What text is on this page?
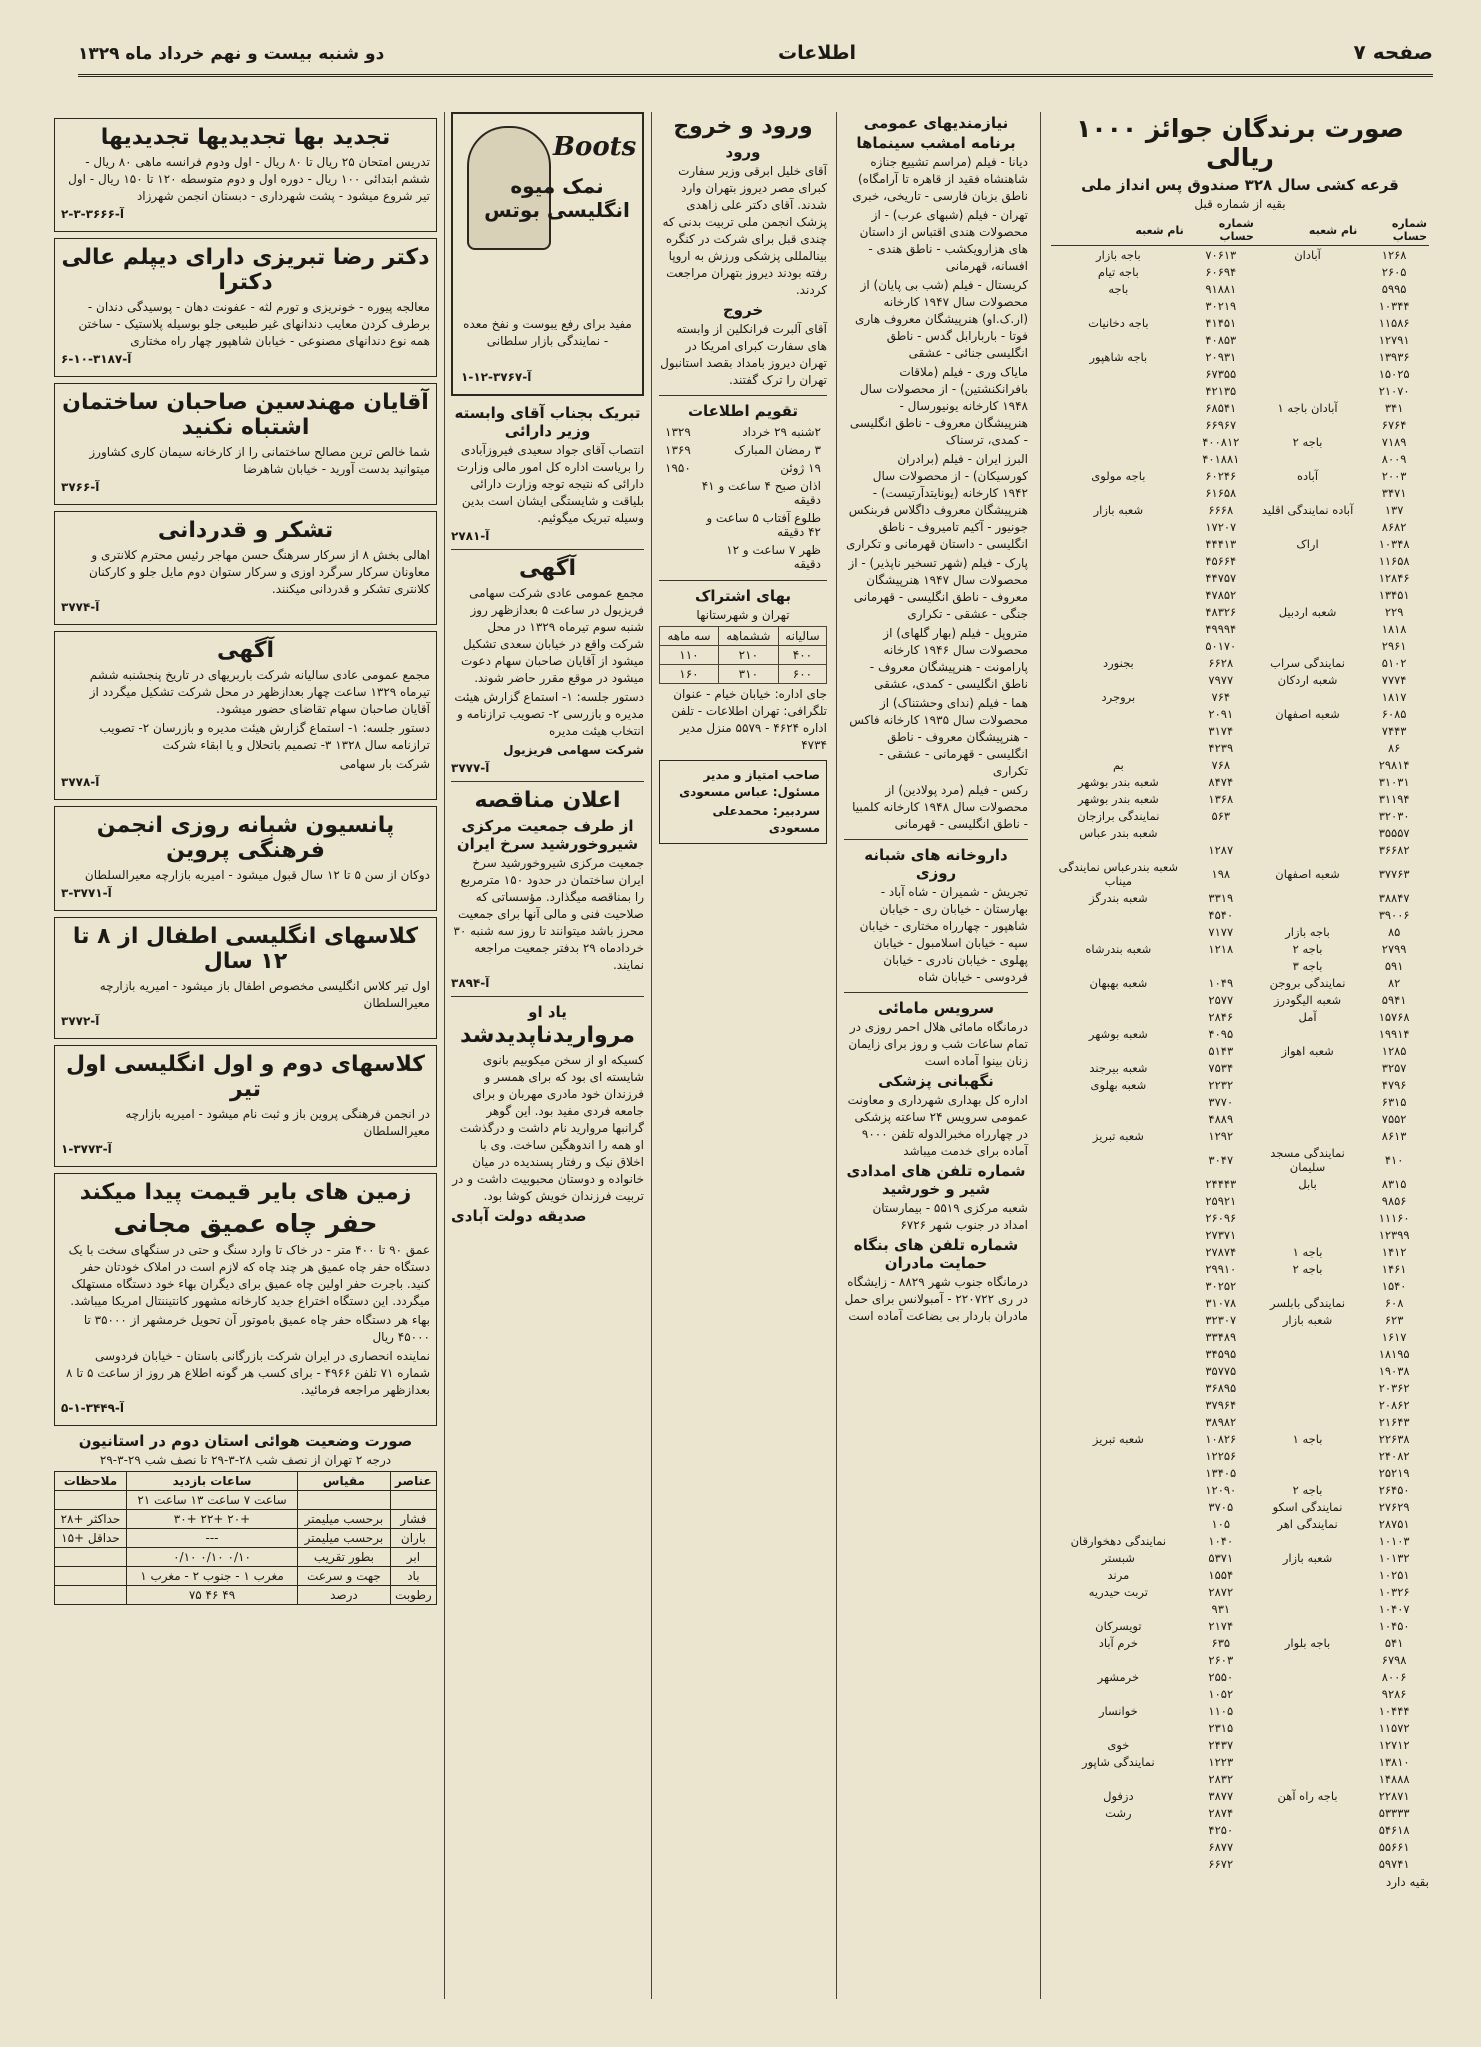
دو شنبه بیست و نهم خرداد ماه ۱۳۲۹	اطلاعات	صفحه ۷
صورت برندگان جوائز ۱۰۰۰ ریالی
قرعه کشی سال ۳۲۸ صندوق پس انداز ملی
بقیه از شماره قبل
شماره حساب	نام شعبه	شماره حساب	نام شعبه
۱۲۶۸	آبادان	۷۰۶۱۳	باجه بازار
۲۶۰۵		۶۰۶۹۴	باجه تیام
۵۹۹۵		۹۱۸۸۱	باجه
۱۰۳۴۴		۳۰۲۱۹	
۱۱۵۸۶		۴۱۴۵۱	باجه دخانیات
۱۲۷۹۱		۴۰۸۵۳	
۱۳۹۳۶		۲۰۹۳۱	باجه شاهپور
۱۵۰۲۵		۶۷۳۵۵	
۲۱۰۷۰		۴۲۱۳۵	
۳۴۱	آبادان باجه ۱	۶۸۵۴۱	
۶۷۶۴		۶۶۹۶۷	
۷۱۸۹	باجه ۲	۴۰۰۸۱۲	
۸۰۰۹		۴۰۱۸۸۱	
۲۰۰۳	آباده	۶۰۲۴۶	باجه مولوی
۳۴۷۱		۶۱۶۵۸	
۱۳۷	آباده نمایندگی اقلید	۶۶۶۸	شعبه بازار
۸۶۸۲		۱۷۲۰۷	
۱۰۳۴۸	اراک	۴۴۴۱۳	
۱۱۶۵۸		۴۵۶۶۴	
۱۲۸۴۶		۴۴۷۵۷	
۱۳۴۵۱		۴۷۸۵۲	
۲۲۹	شعبه اردبیل	۴۸۳۲۶	
۱۸۱۸		۴۹۹۹۴	
۲۹۶۱		۵۰۱۷۰	
۵۱۰۲	نمایندگی سراب	۶۶۲۸	بجنورد
۷۷۷۴	شعبه اردکان	۷۹۷۷	
۱۸۱۷		۷۶۴	بروجرد
۶۰۸۵	شعبه اصفهان	۲۰۹۱	
۷۴۴۳		۳۱۷۴	
۸۶		۴۲۳۹	
۲۹۸۱۴		۷۶۸	بم
۳۱۰۳۱		۸۴۷۴	شعبه بندر بوشهر
۳۱۱۹۴		۱۳۶۸	شعبه بندر بوشهر
۳۲۰۳۰		۵۶۳	نمایندگی برازجان
۳۵۵۵۷			شعبه بندر عباس
۳۶۶۸۲		۱۲۸۷	
۳۷۷۶۳	شعبه اصفهان	۱۹۸	شعبه بندرعباس نمایندگی میناب
۳۸۸۴۷		۳۳۱۹	شعبه بندرگز
۳۹۰۰۶		۴۵۴۰	
۸۵	باجه بازار	۷۱۷۷	
۲۷۹۹	باجه ۲	۱۲۱۸	شعبه بندرشاه
۵۹۱	باجه ۳		
۸۲	نمایندگی بروجن	۱۰۴۹	شعبه بهبهان
۵۹۴۱	شعبه الیگودرز	۲۵۷۷	
۱۵۷۶۸	آمل	۲۸۴۶	
۱۹۹۱۴		۴۰۹۵	شعبه بوشهر
۱۲۸۵	شعبه اهواز	۵۱۴۳	
۳۲۵۷		۷۵۳۴	شعبه بیرجند
۴۷۹۶		۲۲۳۲	شعبه بهلوی
۶۳۱۵		۳۷۷۰	
۷۵۵۲		۴۸۸۹	
۸۶۱۳		۱۲۹۲	شعبه تبریز
۴۱۰	نمایندگی مسجد سلیمان	۳۰۴۷	
۸۳۱۵	بابل	۲۴۴۴۳	
۹۸۵۶		۲۵۹۲۱	
۱۱۱۶۰		۲۶۰۹۶	
۱۲۳۹۹		۲۷۳۷۱	
۱۴۱۲	باجه ۱	۲۷۸۷۴	
۱۴۶۱	باجه ۲	۲۹۹۱۰	
۱۵۴۰		۳۰۲۵۲	
۶۰۸	نمایندگی بابلسر	۳۱۰۷۸	
۶۲۳	شعبه بازار	۳۲۳۰۷	
۱۶۱۷		۳۳۴۸۹	
۱۸۱۹۵		۳۴۵۹۵	
۱۹۰۳۸		۳۵۷۷۵	
۲۰۳۶۲		۳۶۸۹۵	
۲۰۸۶۲		۳۷۹۶۴	
۲۱۶۴۳		۳۸۹۸۲	
۲۲۶۳۸	باجه ۱	۱۰۸۲۶	شعبه تبریز
۲۴۰۸۲		۱۲۲۵۶	
۲۵۲۱۹		۱۳۴۰۵	
۲۶۴۵۰	باجه ۲	۱۲۰۹۰	
۲۷۶۲۹	نمایندگی اسکو	۳۷۰۵	
۲۸۷۵۱	نمایندگی اهر	۱۰۵	
۱۰۱۰۳		۱۰۴۰	نمایندگی دهخوارقان
۱۰۱۳۲	شعبه بازار	۵۳۷۱	شبستر
۱۰۲۵۱		۱۵۵۴	مرند
۱۰۳۲۶		۲۸۷۲	تربت حیدریه
۱۰۴۰۷		۹۳۱	
۱۰۴۵۰		۲۱۷۴	تویسرکان
۵۴۱	باجه بلوار	۶۳۵	خرم آباد
۶۷۹۸		۲۶۰۳	
۸۰۰۶		۲۵۵۰	خرمشهر
۹۲۸۶		۱۰۵۲	
۱۰۴۴۴		۱۱۰۵	خوانسار
۱۱۵۷۲		۲۳۱۵	
۱۲۷۱۲		۲۴۳۷	خوی
۱۳۸۱۰		۱۲۲۳	نمایندگی شاپور
۱۴۸۸۸		۲۸۳۲	
۲۲۸۷۱	باجه راه آهن	۳۸۷۷	دزفول
۵۳۳۳۳		۲۸۷۴	رشت
۵۴۶۱۸		۴۲۵۰	
۵۵۶۶۱		۶۸۷۷	
۵۹۷۴۱		۶۶۷۲	
بقیه دارد
نیازمندیهای عمومی
برنامه امشب سینماها
دیانا - فیلم (مراسم تشییع جنازه شاهنشاه فقید از قاهره تا آرامگاه) ناطق بزبان فارسی - تاریخی، خبری
تهران - فیلم (شبهای عرب) - از محصولات هندی اقتباس از داستان های هزارویکشب - ناطق هندی - افسانه، قهرمانی
کریستال - فیلم (شب بی پایان) از محصولات سال ۱۹۴۷ کارخانه (ار.ک.او) هنرپیشگان معروف هاری فوتا - باربارابل گدس - ناطق انگلیسی جنائی - عشقی
مایاک وری - فیلم (ملاقات بافرانکنشتین) - از محصولات سال ۱۹۴۸ کارخانه یونیورسال - هنرپیشگان معروف - ناطق انگلیسی - کمدی، ترسناک
البرز ایران - فیلم (برادران کورسیکان) - از محصولات سال ۱۹۴۲ کارخانه (یونایتدآرتیست) - هنرپیشگان معروف داگلاس فربنکس جونیور - آکیم تامیروف - ناطق انگلیسی - داستان قهرمانی و تکراری
پارک - فیلم (شهر تسخیر ناپذیر) - از محصولات سال ۱۹۴۷ هنرپیشگان معروف - ناطق انگلیسی - قهرمانی جنگی - عشقی - تکراری
متروپل - فیلم (بهار گلهای) از محصولات سال ۱۹۴۶ کارخانه پارامونت - هنرپیشگان معروف - ناطق انگلیسی - کمدی، عشقی
هما - فیلم (ندای وحشتناک) از محصولات سال ۱۹۳۵ کارخانه فاکس - هنرپیشگان معروف - ناطق انگلیسی - قهرمانی - عشقی - تکراری
رکس - فیلم (مرد پولادین) از محصولات سال ۱۹۴۸ کارخانه کلمبیا - ناطق انگلیسی - قهرمانی
داروخانه های شبانه روزی
تجریش - شمیران - شاه آباد - بهارستان - خیابان ری - خیابان شاهپور - چهارراه مختاری - خیابان سپه - خیابان اسلامبول - خیابان پهلوی - خیابان نادری - خیابان فردوسی - خیابان شاه
سرویس مامائی
درمانگاه مامائی هلال احمر روزی در تمام ساعات شب و روز برای زایمان زنان بینوا آماده است
نگهبانی پزشکی
اداره کل بهداری شهرداری و معاونت عمومی سرویس ۲۴ ساعته پزشکی در چهارراه مخبرالدوله تلفن ۹۰۰۰ آماده برای خدمت میباشد
شماره تلفن های امدادی شیر و خورشید
شعبه مرکزی ۵۵۱۹ - بیمارستان امداد در جنوب شهر ۶۷۲۶
شماره تلفن های بنگاه حمایت مادران
درمانگاه جنوب شهر ۸۸۲۹ - زایشگاه در ری ۲۲۰۷۲۲ - آمبولانس برای حمل مادران باردار بی بضاعت آماده است
ورود و خروج
ورود
آقای خلیل ابرقی وزیر سفارت کبرای مصر دیروز بتهران وارد شدند. آقای دکتر علی زاهدی پزشک انجمن ملی تربیت بدنی که چندی قبل برای شرکت در کنگره بینالمللی پزشکی ورزش به اروپا رفته بودند دیروز بتهران مراجعت کردند.
خروج
آقای آلبرت فرانکلین از وابسته های سفارت کبرای امریکا در تهران دیروز بامداد بقصد استانبول تهران را ترک گفتند.
تقویم اطلاعات
۲شنبه ۲۹ خرداد	۱۳۲۹
۳ رمضان المبارک	۱۳۶۹
۱۹ ژوئن	۱۹۵۰
اذان صبح ۴ ساعت و ۴۱ دقیقه	
طلوع آفتاب ۵ ساعت و ۴۲ دقیقه	
ظهر ۷ ساعت و ۱۲ دقیقه	
بهای اشتراک
تهران و شهرستانها
سالیانه	ششماهه	سه ماهه
۴۰۰	۲۱۰	۱۱۰
۶۰۰	۳۱۰	۱۶۰
جای اداره: خیابان خیام - عنوان تلگرافی: تهران اطلاعات - تلفن اداره ۴۶۲۴ - ۵۵۷۹ منزل مدیر ۴۷۳۴
صاحب امتیاز و مدیر مسئول: عباس مسعودی
سردبیر: محمدعلی مسعودی
Boots
نمک میوه انگلیسی بوتس
مفید برای رفع یبوست و نفخ معده - نمایندگی بازار سلطانی
آ-۳۷۶۷-۱۲-۱
تبریک بجناب آقای وابسته وزیر دارائی
انتصاب آقای جواد سعیدی فیروزآبادی را بریاست اداره کل امور مالی وزارت دارائی که نتیجه توجه وزارت دارائی بلیاقت و شایستگی ایشان است بدین وسیله تبریک میگوئیم.
آ-۲۷۸۱
آگهی
مجمع عمومی عادی شرکت سهامی فریزیول در ساعت ۵ بعدازظهر روز شنبه سوم تیرماه ۱۳۲۹ در محل شرکت واقع در خیابان سعدی تشکیل میشود از آقایان صاحبان سهام دعوت میشود در موقع مقرر حاضر شوند.
دستور جلسه: ۱- استماع گزارش هیئت مدیره و بازرسی ۲- تصویب ترازنامه و انتخاب هیئت مدیره
شرکت سهامی فریزیول
آ-۳۷۷۷
اعلان مناقصه
از طرف جمعیت مرکزی شیروخورشید سرخ ایران
جمعیت مرکزی شیروخورشید سرخ ایران ساختمان در حدود ۱۵۰ مترمربع را بمناقصه میگذارد. مؤسساتی که صلاحیت فنی و مالی آنها برای جمعیت محرز باشد میتوانند تا روز سه شنبه ۳۰ خردادماه ۲۹ بدفتر جمعیت مراجعه نمایند.
آ-۳۸۹۴
یاد او
مرواریدناپدیدشد
کسیکه او از سخن میکوبیم بانوی شایسته ای بود که برای همسر و فرزندان خود مادری مهربان و برای جامعه فردی مفید بود. این گوهر گرانبها مروارید نام داشت و درگذشت او همه را اندوهگین ساخت. وی با اخلاق نیک و رفتار پسندیده در میان خانواده و دوستان محبوبیت داشت و در تربیت فرزندان خویش کوشا بود.
صدیقه دولت آبادی
تجدید بها تجدیدیها تجدیدیها
تدریس امتحان ۲۵ ریال تا ۸۰ ریال - اول ودوم فرانسه ماهی ۸۰ ریال - ششم ابتدائی ۱۰۰ ریال - دوره اول و دوم متوسطه ۱۲۰ تا ۱۵۰ ریال - اول تیر شروع میشود - پشت شهرداری - دبستان انجمن شهرزاد
آ-۳۶۶۶-۳-۲
دکتر رضا تبریزی دارای دیپلم عالی دکترا
معالجه پیوره - خونریزی و تورم لثه - عفونت دهان - پوسیدگی دندان - برطرف کردن معایب دندانهای غیر طبیعی جلو بوسیله پلاستیک - ساختن همه نوع دندانهای مصنوعی - خیابان شاهپور چهار راه مختاری
آ-۳۱۸۷-۱۰-۶
آقایان مهندسین صاحبان ساختمان اشتباه نکنید
شما خالص ترین مصالح ساختمانی را از کارخانه سیمان کاری کشاورز میتوانید بدست آورید - خیابان شاهرضا
آ-۳۷۶۶
تشکر و قدردانی
اهالی بخش ۸ از سرکار سرهنگ حسن مهاجر رئیس محترم کلانتری و معاونان سرکار سرگرد اوزی و سرکار ستوان دوم مایل جلو و کارکنان کلانتری تشکر و قدردانی میکنند.
آ-۳۷۷۴
آگهی
مجمع عمومی عادی سالیانه شرکت باربریهای در تاریخ پنجشنبه ششم تیرماه ۱۳۲۹ ساعت چهار بعدازظهر در محل شرکت تشکیل میگردد از آقایان صاحبان سهام تقاضای حضور میشود.
دستور جلسه: ۱- استماع گزارش هیئت مدیره و بازرسان ۲- تصویب ترازنامه سال ۱۳۲۸ ۳- تصمیم باتحلال و یا ابقاء شرکت
شرکت بار سهامی
آ-۳۷۷۸
پانسیون شبانه روزی انجمن فرهنگی پروین
دوکان از سن ۵ تا ۱۲ سال قبول میشود - امیریه بازارچه معیرالسلطان
آ-۳۷۷۱-۳
کلاسهای انگلیسی اطفال از ۸ تا ۱۲ سال
اول تیر کلاس انگلیسی مخصوص اطفال باز میشود - امیریه بازارچه معیرالسلطان
آ-۳۷۷۲
کلاسهای دوم و اول انگلیسی اول تیر
در انجمن فرهنگی پروین باز و ثبت نام میشود - امیریه بازارچه معیرالسلطان
آ-۳۷۷۳-۱
زمین های بایر قیمت پیدا میکند
حفر چاه عمیق مجانی
عمق ۹۰ تا ۴۰۰ متر - در خاک تا وارد سنگ و حتی در سنگهای سخت با یک دستگاه حفر چاه عمیق هر چند چاه که لازم است در املاک خودتان حفر کنید. باجرت حفر اولین چاه عمیق برای دیگران بهاء خود دستگاه مستهلک میگردد. این دستگاه اختراع جدید کارخانه مشهور کانتیننتال امریکا میباشد.
بهاء هر دستگاه حفر چاه عمیق باموتور آن تحویل خرمشهر از ۳۵۰۰۰ تا ۴۵۰۰۰ ریال
نماینده انحصاری در ایران شرکت بازرگانی باستان - خیابان فردوسی شماره ۷۱ تلفن ۴۹۶۶ - برای کسب هر گونه اطلاع هر روز از ساعت ۵ تا ۸ بعدازظهر مراجعه فرمائید.
آ-۳۴۴۹-۱-۵
صورت وضعیت هوائی استان دوم در استانیون
درجه ۲ تهران از نصف شب ۲۸-۳-۲۹ تا نصف شب ۲۹-۳-۲۹
عناصر	مقیاس	ساعات بازدید	ملاحظات
		ساعت ۷ ساعت ۱۳ ساعت ۲۱	
فشار	برحسب میلیمتر	+۲۰ +۲۲ +۳۰	حداکثر +۲۸
باران	برحسب میلیمتر	---	حداقل +۱۵
ابر	بطور تقریب	۰/۱۰ ۰/۱۰ ۰/۱۰	
باد	جهت و سرعت	مغرب ۱ - جنوب ۲ - مغرب ۱	
رطوبت	درصد	۴۹ ۴۶ ۷۵	
